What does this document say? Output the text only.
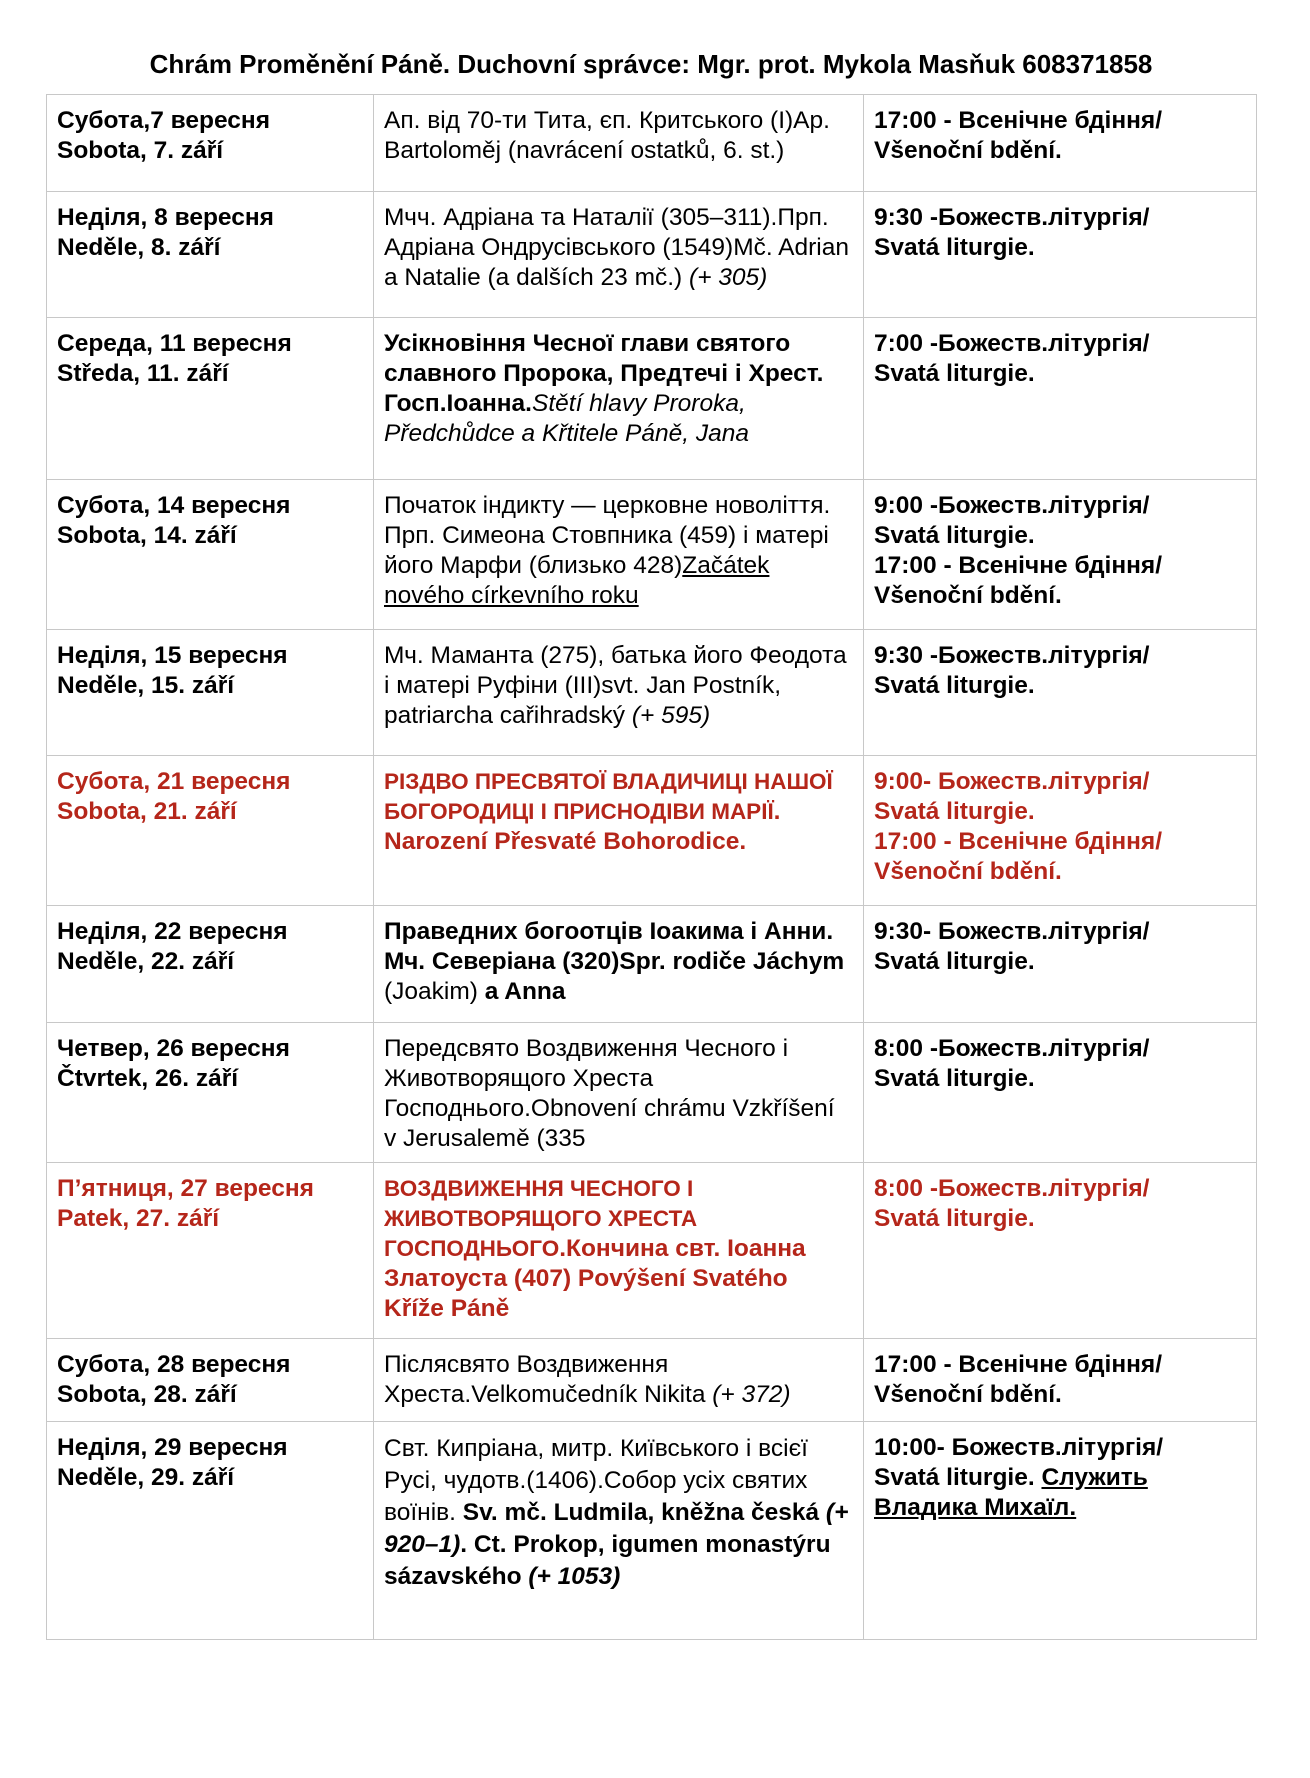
Chrám Proměnění Páně. Duchovní správce: Mgr. prot. Mykola Masňuk 608371858
Субота,7 вересня
Sobota, 7. září	Ап. від 70-ти Тита, єп. Критського (I)Ap. Bartoloměj (navrácení ostatků, 6. st.)	17:00 - Всенічне бдіння/
Všenoční bdění.

Неділя, 8 вересня
Neděle, 8. září	Мчч. Адріана та Наталії (305–311).Прп. Адріана Ондрусівського (1549)Mč. Adrian a Natalie (a dalších 23 mč.) (+ 305)	9:30 -Божеств.літургія/
Svatá liturgie.

Середа, 11 вересня
Středa, 11. září	Усікновіння Чесної глави святого славного Пророка, Предтечі і Хрест. Госп.Іоанна.Stětí hlavy Proroka, Předchůdce a Křtitele Páně, Jana	7:00 -Божеств.літургія/
Svatá liturgie.

Субота, 14 вересня
Sobota, 14. září	Початок індикту — церковне новоліття. Прп. Симеона Стовпника (459) і матері його Марфи (близько 428)Začátek nového církevního roku	9:00 -Божеств.літургія/
Svatá liturgie.
17:00 - Всенічне бдіння/
Všenoční bdění.

Неділя, 15 вересня
Neděle, 15. září	Мч. Маманта (275), батька його Феодота і матері Руфіни (III)svt. Jan Postník, patriarcha cařihradský (+ 595)	9:30 -Божеств.літургія/
Svatá liturgie.

Субота, 21 вересня
Sobota, 21. září	РІЗДВО ПРЕСВЯТОЇ ВЛАДИЧИЦІ НАШОЇ БОГОРОДИЦІ І ПРИСНОДІВИ МАРІЇ. Narození Přesvaté Bohorodice.	9:00- Божеств.літургія/
Svatá liturgie.
17:00 - Всенічне бдіння/
Všenoční bdění.

Неділя, 22 вересня
Neděle, 22. září	Праведних богоотців Іоакима і Анни. Мч. Северіана (320)Spr. rodiče Jáchym (Joakim) a Anna	9:30- Божеств.літургія/
Svatá liturgie.

Четвер, 26 вересня
Čtvrtek, 26. září	Передсвято Воздвиження Чесного і Животворящого Хреста Господнього.Obnovení chrámu Vzkříšení v Jerusalemě (335	8:00 -Божеств.літургія/
Svatá liturgie.

П’ятниця, 27 вересня
Patek, 27. září	ВОЗДВИЖЕННЯ ЧЕСНОГО І ЖИВОТВОРЯЩОГО ХРЕСТА ГОСПОДНЬОГО.Кончина свт. Іоанна Златоуста (407) Povýšení Svatého Kříže Páně	8:00 -Божеств.літургія/
Svatá liturgie.

Субота, 28 вересня
Sobota, 28. září	Післясвято Воздвиження Хреста.Velkomučedník Nikita (+ 372)	17:00 - Всенічне бдіння/
Všenoční bdění.

Неділя, 29 вересня
Neděle, 29. září	Свт. Кипріана, митр. Київського і всієї Русі, чудотв.(1406).Собор усіх святих воїнів. Sv. mč. Ludmila, kněžna česká (+ 920–1). Ct. Prokop, igumen monastýru sázavského (+ 1053)	10:00- Божеств.літургія/
Svatá liturgie. Служить Владика Михаїл.
